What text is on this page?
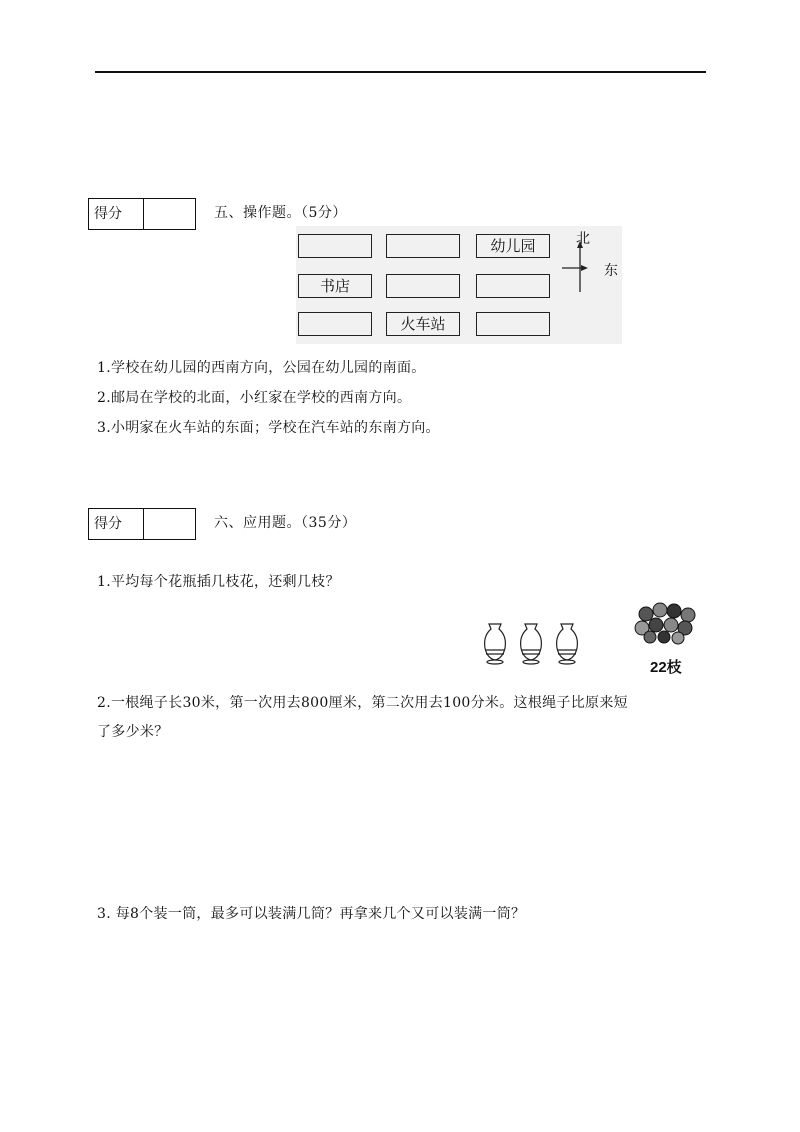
得分	五、操作题。（5分）
幼儿园
书店
火车站
北
东
1.学校在幼儿园的西南方向，公园在幼儿园的南面。
2.邮局在学校的北面，小红家在学校的西南方向。
3.小明家在火车站的东面；学校在汽车站的东南方向。
得分	六、应用题。（35分）
1.平均每个花瓶插几枝花，还剩几枝？
22枝
2.一根绳子长30米，第一次用去800厘米，第二次用去100分米。这根绳子比原来短
了多少米？
3. 每8个装一筒，最多可以装满几筒？再拿来几个又可以装满一筒？
